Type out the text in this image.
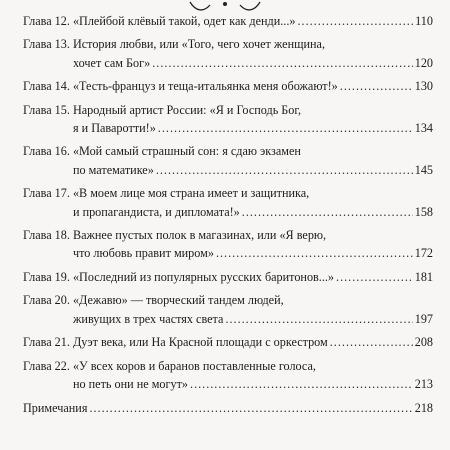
Глава 12. «Плейбой клёвый такой, одет как денди...» .....	110
Глава 13. История любви, или «Того, чего хочет женщина,
хочет сам Бог» .....	120
Глава 14. «Тесть-француз и теща-итальянка меня обожают!» .....	130
Глава 15. Народный артист России: «Я и Господь Бог,
я и Паваротти!» .....	134
Глава 16. «Мой самый страшный сон: я сдаю экзамен
по математике» .....	145
Глава 17. «В моем лице моя страна имеет и защитника,
и пропагандиста, и дипломата!» .....	158
Глава 18. Важнее пустых полок в магазинах, или «Я верю,
что любовь правит миром» .....	172
Глава 19. «Последний из популярных русских баритонов...» .....	181
Глава 20. «Дежавю» — творческий тандем людей,
живущих в трех частях света .....	197
Глава 21. Дуэт века, или На Красной площади с оркестром .....	208
Глава 22. «У всех коров и баранов поставленные голоса,
но петь они не могут» .....	213
Примечания .....	218
